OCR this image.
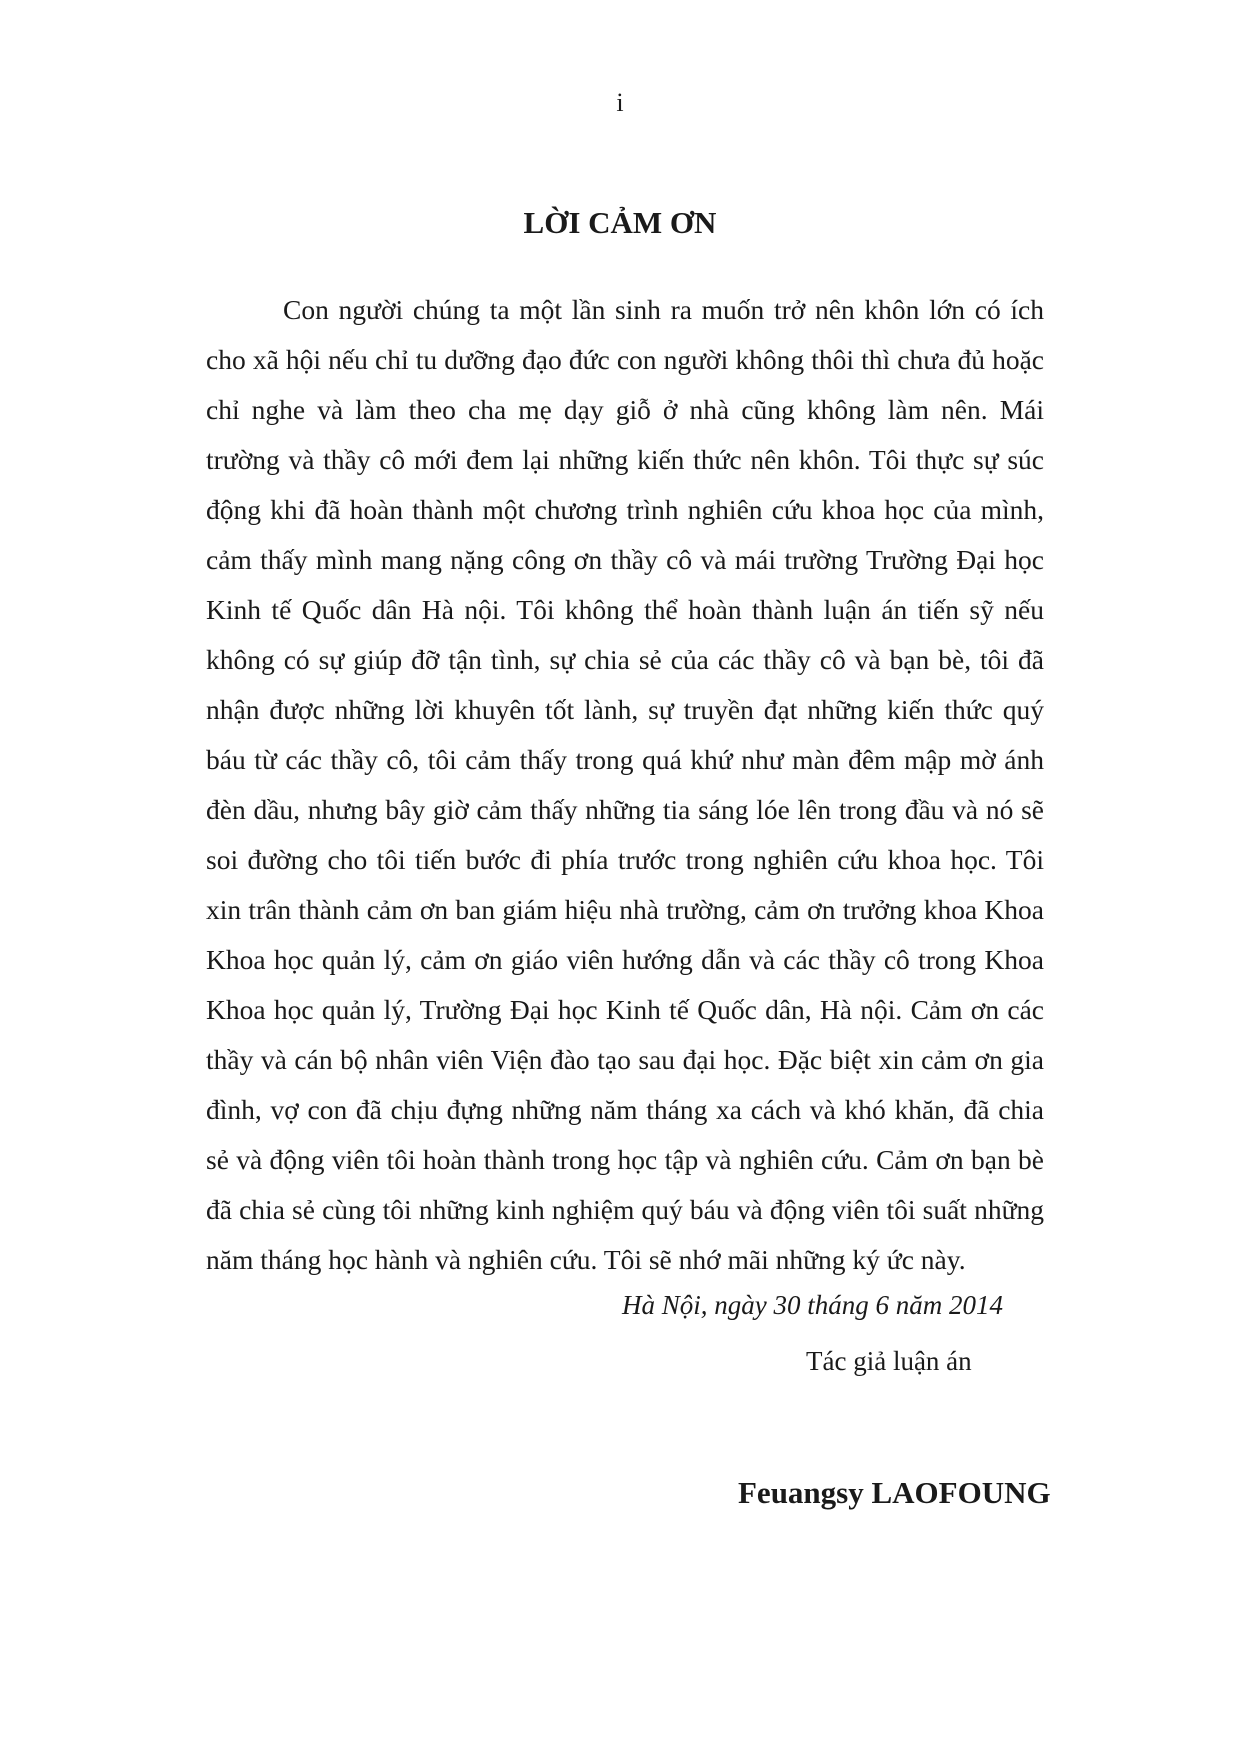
i
LỜI CẢM ƠN

Con người chúng ta một lần sinh ra muốn trở nên khôn lớn có ích cho xã hội nếu chỉ tu dưỡng đạo đức con người không thôi thì chưa đủ hoặc chỉ nghe và làm theo cha mẹ dạy giỗ ở nhà cũng không làm nên. Mái trường và thầy cô mới đem lại những kiến thức nên khôn. Tôi thực sự súc động khi đã hoàn thành một chương trình nghiên cứu khoa học của mình, cảm thấy mình mang nặng công ơn thầy cô và mái trường Trường Đại học Kinh tế Quốc dân Hà nội. Tôi không thể hoàn thành luận án tiến sỹ nếu không có sự giúp đỡ tận tình, sự chia sẻ của các thầy cô và bạn bè, tôi đã nhận được những lời khuyên tốt lành, sự truyền đạt những kiến thức quý báu từ các thầy cô, tôi cảm thấy trong quá khứ như màn đêm mập mờ ánh đèn dầu, nhưng bây giờ cảm thấy những tia sáng lóe lên trong đầu và nó sẽ soi đường cho tôi tiến bước đi phía trước trong nghiên cứu khoa học. Tôi xin trân thành cảm ơn ban giám hiệu nhà trường, cảm ơn trưởng khoa Khoa Khoa học quản lý, cảm ơn giáo viên hướng dẫn và các thầy cô trong Khoa Khoa học quản lý, Trường Đại học Kinh tế Quốc dân, Hà nội. Cảm ơn các thầy và cán bộ nhân viên Viện đào tạo sau đại học. Đặc biệt xin cảm ơn gia đình, vợ con đã chịu đựng những năm tháng xa cách và khó khăn, đã chia sẻ và động viên tôi hoàn thành trong học tập và nghiên cứu. Cảm ơn bạn bè đã chia sẻ cùng tôi những kinh nghiệm quý báu và động viên tôi suất những năm tháng học hành và nghiên cứu. Tôi sẽ nhớ mãi những ký ức này.

Hà Nội, ngày 30 tháng 6 năm 2014

Tác giả luận án

Feuangsy LAOFOUNG
